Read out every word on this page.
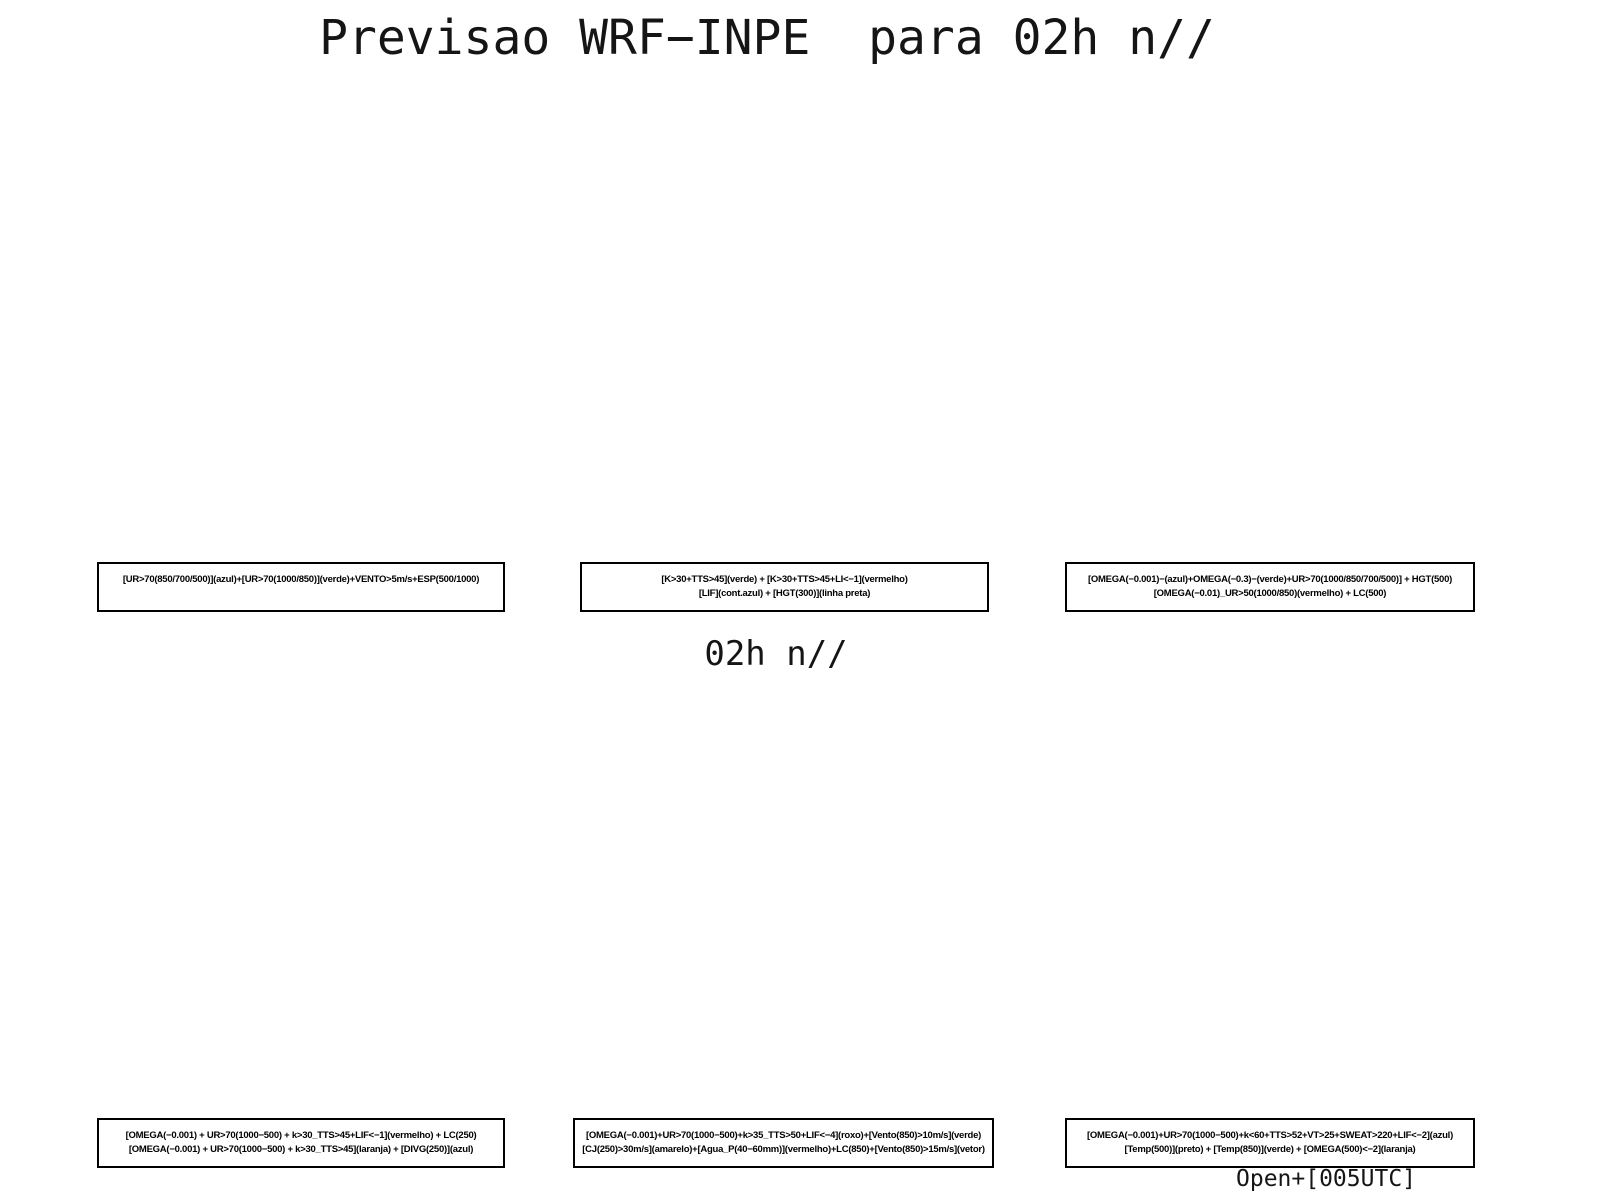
Previsao WRF−INPE  para 02h n//
[UR>70(850/700/500)](azul)+[UR>70(1000/850)](verde)+VENTO>5m/s+ESP(500/1000)	[K>30+TTS>45](verde) + [K>30+TTS>45+LI<−1](vermelho)
[LIF](cont.azul) + [HGT(300)](linha preta)
[OMEGA(−0.001)−(azul)+OMEGA(−0.3)−(verde)+UR>70(1000/850/700/500)] + HGT(500)
[OMEGA(−0.01)_UR>50(1000/850)(vermelho) + LC(500)
02h n//
[OMEGA(−0.001) + UR>70(1000−500) + k>30_TTS>45+LIF<−1](vermelho) + LC(250)
[OMEGA(−0.001) + UR>70(1000−500) + k>30_TTS>45](laranja) + [DIVG(250)](azul)
[OMEGA(−0.001)+UR>70(1000−500)+k>35_TTS>50+LIF<−4](roxo)+[Vento(850)>10m/s](verde)
[CJ(250)>30m/s](amarelo)+[Agua_P(40−60mm)](vermelho)+LC(850)+[Vento(850)>15m/s](vetor)
[OMEGA(−0.001)+UR>70(1000−500)+k<60+TTS>52+VT>25+SWEAT>220+LIF<−2](azul)
[Temp(500)](preto) + [Temp(850)](verde) + [OMEGA(500)<−2](laranja)
Open+[005UTC]
